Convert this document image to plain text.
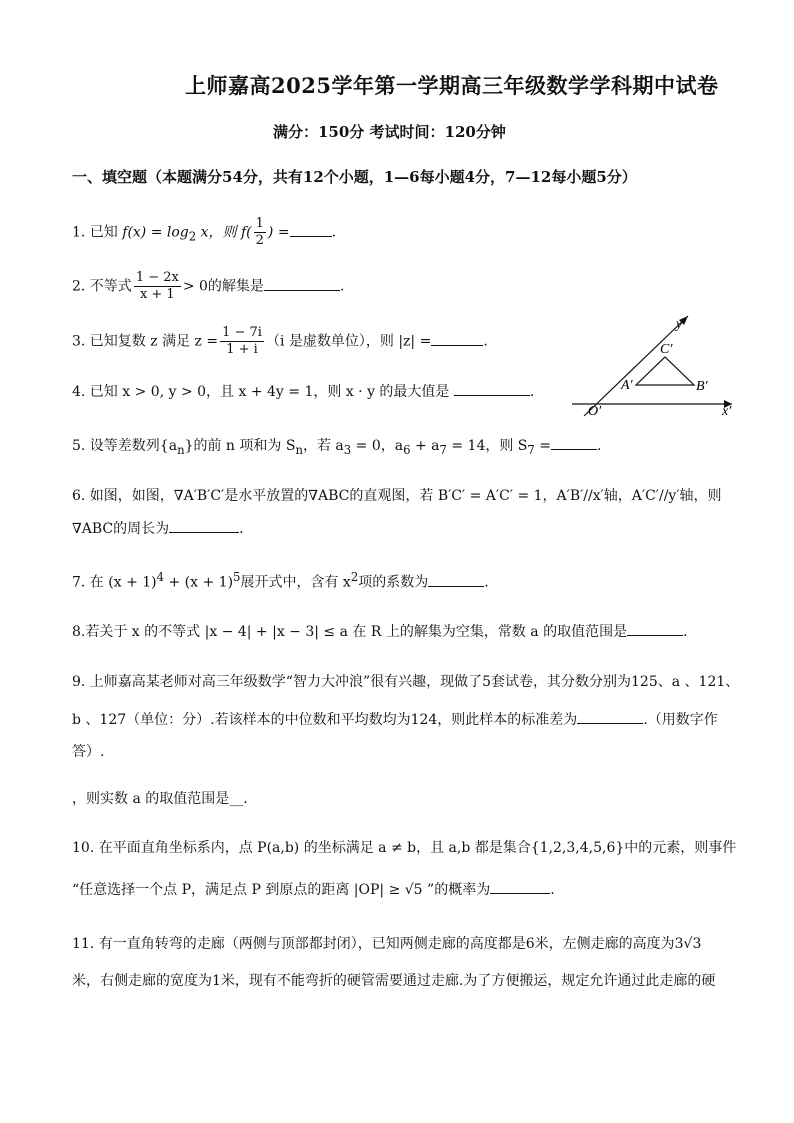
上师嘉高2025学年第一学期高三年级数学学科期中试卷
满分：150分 考试时间：120分钟
一、填空题（本题满分54分，共有12个小题，1—6每小题4分，7—12每小题5分）
1. 已知 $f(x) = \log_2 x$，则 $f( \frac{1}{2}$ ) =	.
2. 不等式 $\frac{1 - 2x}{x + 1} > 0$的解集是	.
3. 已知复数 z 满足 $z = \frac{1 - 7i}{1 + i} (i$ 是虚数单位），则 |z| =	.
4. 已知 x > 0, y > 0，且 x + 4y = 1，则 x · y 的最大值是	.
y′
x′
C′
A′	B′
O′
5. 设等差数列$\{a_n\}$的前 n 项和为 $S_n$，若 $a_3 = 0$，$a_6 + a_7 = 14$，则 $S_7$ =	.
6. 如图，如图，∇A′B′C′是水平放置的∇ABC的直观图，若 B′C′ = A′C′ = 1，A′B′//x′轴，A′C′//y′轴，则
∇ABC的周长为	.
7. 在 $(x + 1)^4 + (x + 1)^5$展开式中，含有 $x^2$项的系数为	.
8.若关于 x 的不等式 |x − 4| + |x − 3| ≤ a 在 R 上的解集为空集，常数 a 的取值范围是	.
9. 上师嘉高某老师对高三年级数学“智力大冲浪”很有兴趣，现做了5套试卷，其分数分别为125、a 、121、
b 、127（单位：分）.若该样本的中位数和平均数均为124，则此样本的标准差为	.（用数字作
答）.
，则实数 a 的取值范围是__.
10. 在平面直角坐标系内，点 P(a,b) 的坐标满足 a ≠ b，且 a,b 都是集合{1,2,3,4,5,6}中的元素，则事件
“任意选择一个点 P，满足点 P 到原点的距离 |OP| ≥ √5 ”的概率为	.
11. 有一直角转弯的走廊（两侧与顶部都封闭），已知两侧走廊的高度都是6米，左侧走廊的高度为3√3
米，右侧走廊的宽度为1米，现有不能弯折的硬管需要通过走廊.为了方便搬运，规定允许通过此走廊的硬
